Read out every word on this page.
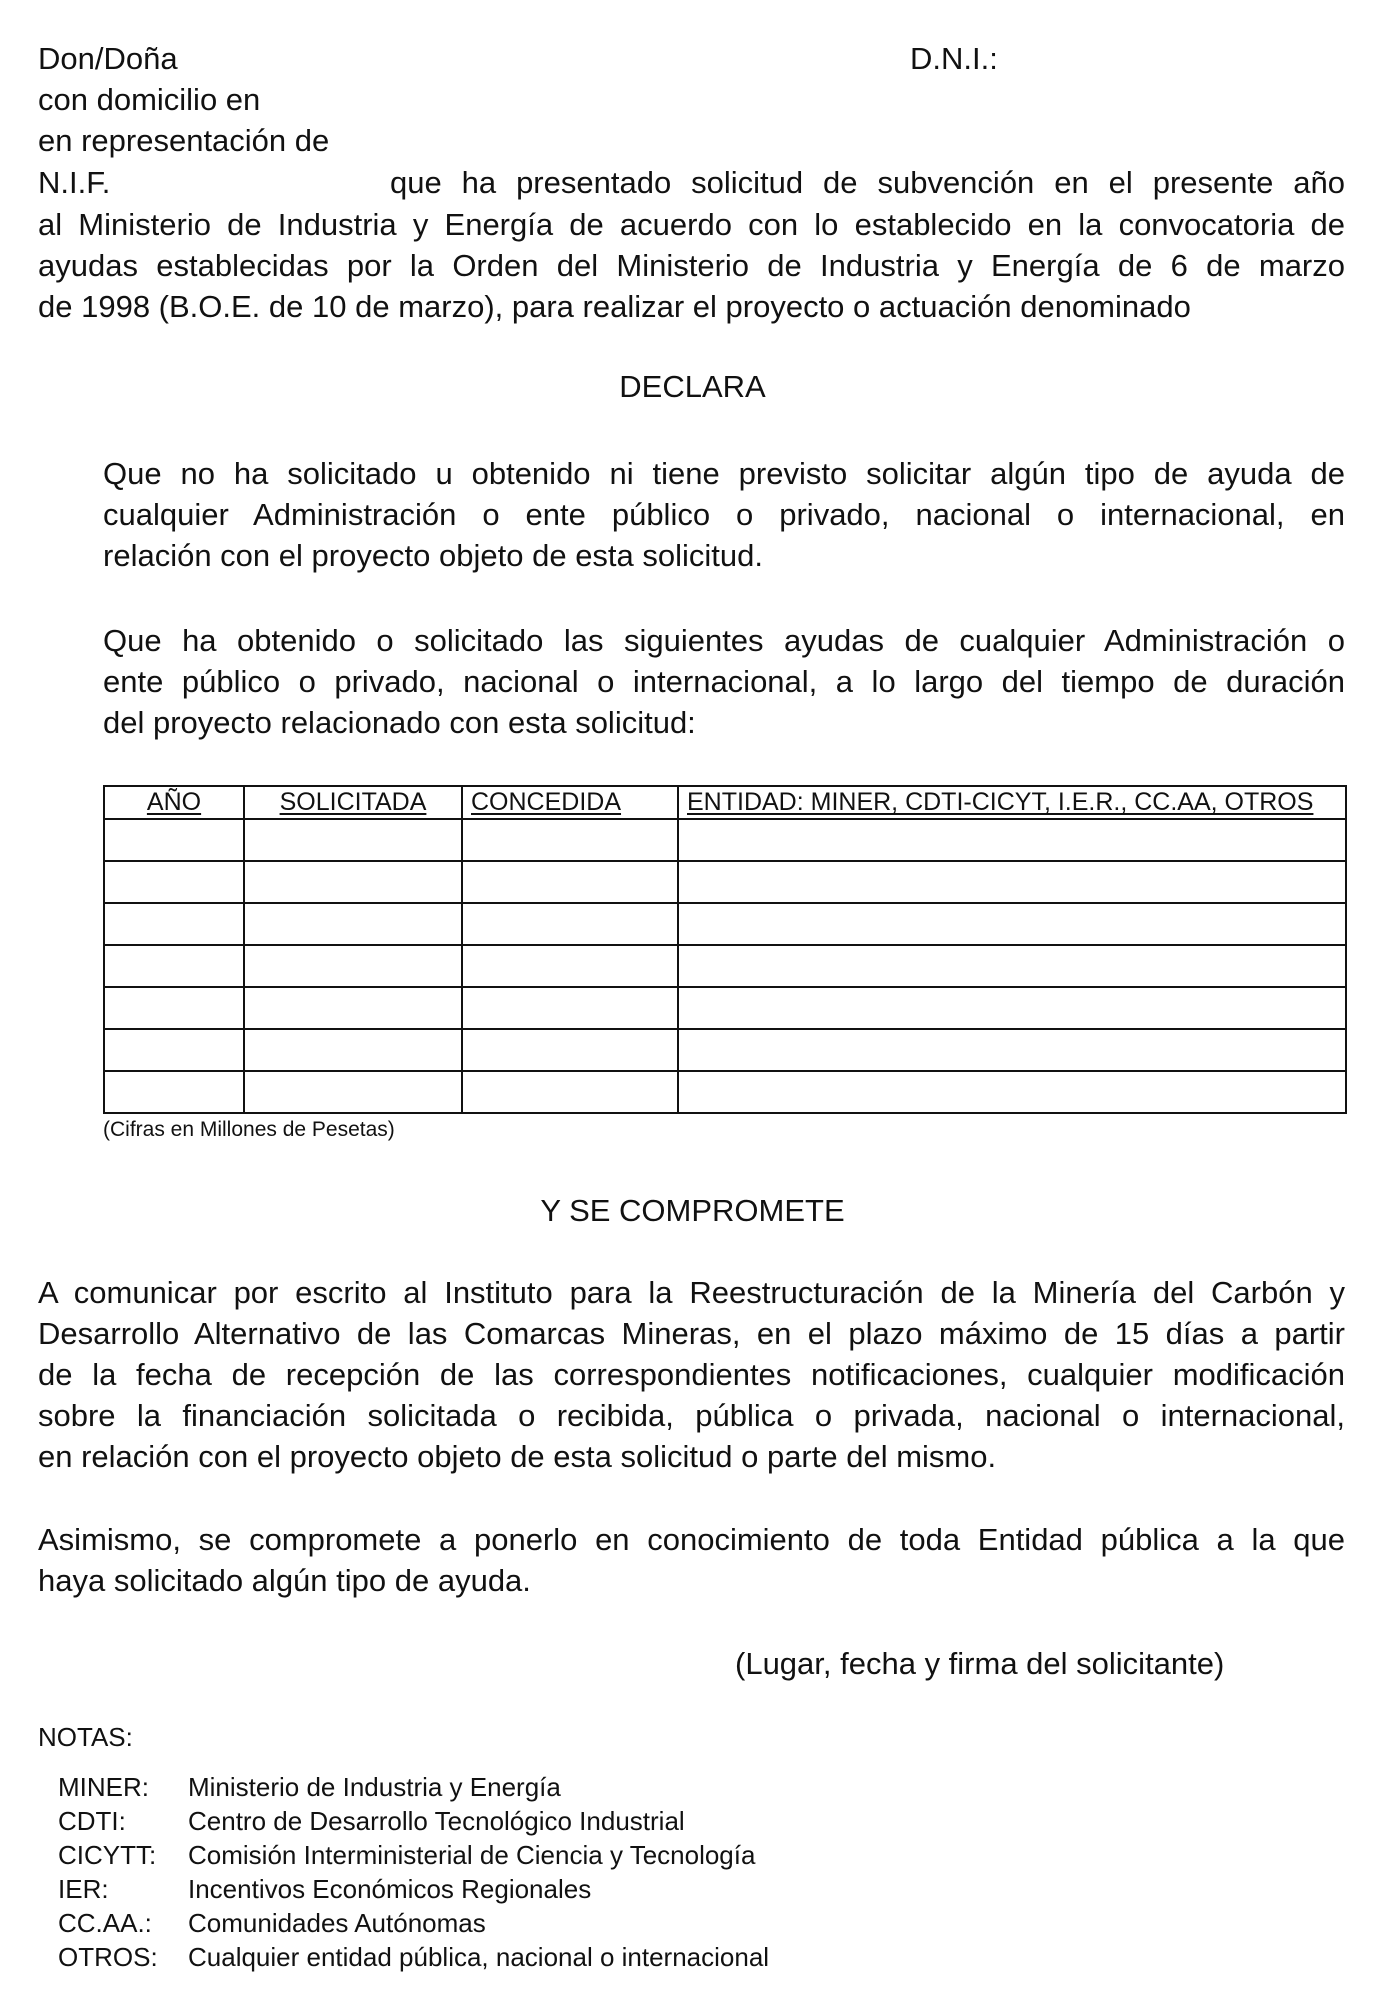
Don/Doña	D.N.I.:
con domicilio en
en representación de
N.I.F.	que ha presentado solicitud de subvención en el presente año
al Ministerio de Industria y Energía de acuerdo con lo establecido en la convocatoria de
ayudas establecidas por la Orden del Ministerio de Industria y Energía de 6 de marzo
de 1998 (B.O.E. de 10 de marzo), para realizar el proyecto o actuación denominado
DECLARA
Que no ha solicitado u obtenido ni tiene previsto solicitar algún tipo de ayuda de
cualquier Administración o ente público o privado, nacional o internacional, en
relación con el proyecto objeto de esta solicitud.
Que ha obtenido o solicitado las siguientes ayudas de cualquier Administración o
ente público o privado, nacional o internacional, a lo largo del tiempo de duración
del proyecto relacionado con esta solicitud:
AÑO	SOLICITADA	CONCEDIDA	ENTIDAD: MINER, CDTI-CICYT, I.E.R., CC.AA, OTROS

(Cifras en Millones de Pesetas)
Y SE COMPROMETE
A comunicar por escrito al Instituto para la Reestructuración de la Minería del Carbón y
Desarrollo Alternativo de las Comarcas Mineras, en el plazo máximo de 15 días a partir
de la fecha de recepción de las correspondientes notificaciones, cualquier modificación
sobre la financiación solicitada o recibida, pública o privada, nacional o internacional,
en relación con el proyecto objeto de esta solicitud o parte del mismo.
Asimismo, se compromete a ponerlo en conocimiento de toda Entidad pública a la que
haya solicitado algún tipo de ayuda.
(Lugar, fecha y firma del solicitante)
NOTAS:
MINER:	Ministerio de Industria y Energía
CDTI:	Centro de Desarrollo Tecnológico Industrial
CICYTT:	Comisión Interministerial de Ciencia y Tecnología
IER:	Incentivos Económicos Regionales
CC.AA.:	Comunidades Autónomas
OTROS:	Cualquier entidad pública, nacional o internacional
